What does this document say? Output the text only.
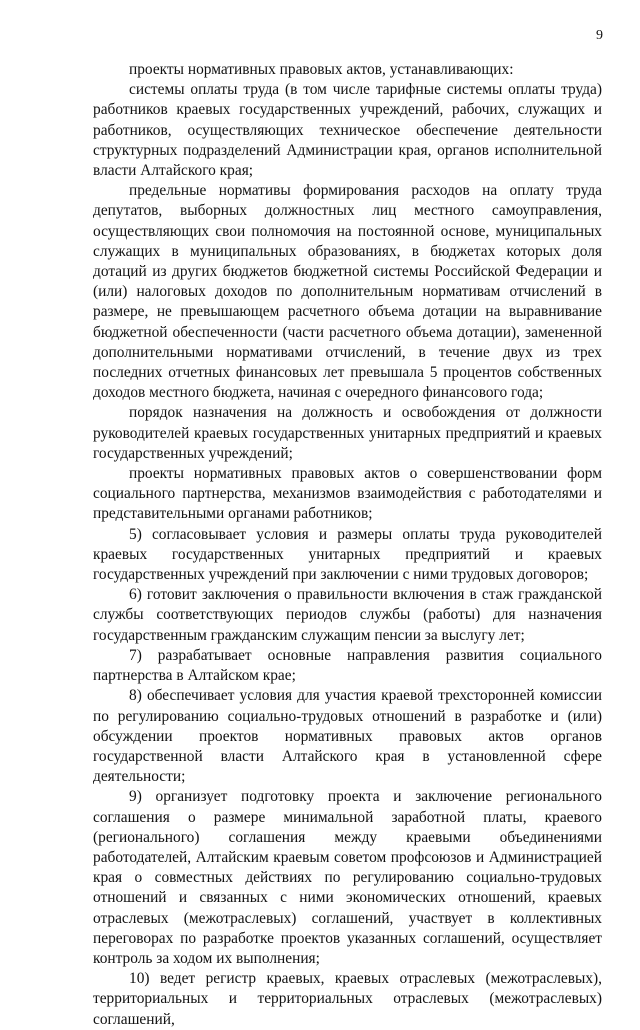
9

проекты нормативных правовых актов, устанавливающих:

системы оплаты труда (в том числе тарифные системы оплаты труда) работников краевых государственных учреждений, рабочих, служащих и работников, осуществляющих техническое обеспечение деятельности структурных подразделений Администрации края, органов исполнительной власти Алтайского края;

предельные нормативы формирования расходов на оплату труда депутатов, выборных должностных лиц местного самоуправления, осуществляющих свои полномочия на постоянной основе, муниципальных служащих в муниципальных образованиях, в бюджетах которых доля дотаций из других бюджетов бюджетной системы Российской Федерации и (или) налоговых доходов по дополнительным нормативам отчислений в размере, не превышающем расчетного объема дотации на выравнивание бюджетной обеспеченности (части расчетного объема дотации), замененной дополнительными нормативами отчислений, в течение двух из трех последних отчетных финансовых лет превышала 5 процентов собственных доходов местного бюджета, начиная с очередного финансового года;

порядок назначения на должность и освобождения от должности руководителей краевых государственных унитарных предприятий и краевых государственных учреждений;

проекты нормативных правовых актов о совершенствовании форм социального партнерства, механизмов взаимодействия с работодателями и представительными органами работников;

5) согласовывает условия и размеры оплаты труда руководителей краевых государственных унитарных предприятий и краевых государственных учреждений при заключении с ними трудовых договоров;

6) готовит заключения о правильности включения в стаж гражданской службы соответствующих периодов службы (работы) для назначения государственным гражданским служащим пенсии за выслугу лет;

7) разрабатывает основные направления развития социального партнерства в Алтайском крае;

8) обеспечивает условия для участия краевой трехсторонней комиссии по регулированию социально-трудовых отношений в разработке и (или) обсуждении проектов нормативных правовых актов органов государственной власти Алтайского края в установленной сфере деятельности;

9) организует подготовку проекта и заключение регионального соглашения о размере минимальной заработной платы, краевого (регионального) соглашения между краевыми объединениями работодателей, Алтайским краевым советом профсоюзов и Администрацией края о совместных действиях по регулированию социально-трудовых отношений и связанных с ними экономических отношений, краевых отраслевых (межотраслевых) соглашений, участвует в коллективных переговорах по разработке проектов указанных соглашений, осуществляет контроль за ходом их выполнения;

10) ведет регистр краевых, краевых отраслевых (межотраслевых), территориальных и территориальных отраслевых (межотраслевых) соглашений,
